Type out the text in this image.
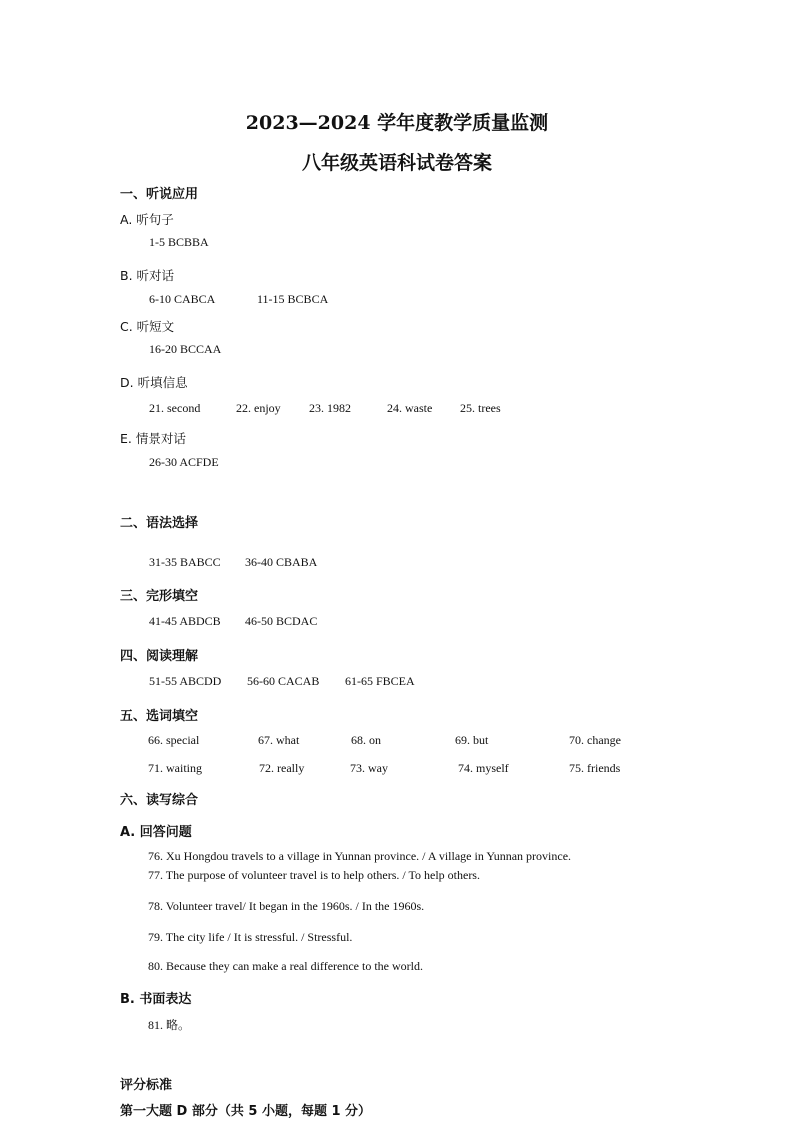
2023—2024 学年度教学质量监测
八年级英语科试卷答案
一、听说应用
A. 听句子
1-5 BCBBA
B. 听对话
6-10 CABCA	11-15 BCBCA
C. 听短文
16-20 BCCAA
D. 听填信息
21. second	22. enjoy 23. 1982	24. waste 25. trees
E. 情景对话
26-30 ACFDE
二、语法选择
31-35 BABCC 36-40 CBABA
三、完形填空
41-45 ABDCB 46-50 BCDAC
四、阅读理解
51-55 ABCDD 56-60 CACAB 61-65 FBCEA
五、选词填空
66. special	67. what	68. on	69. but	70. change
71. waiting	72. really	73. way	74. myself	75. friends
六、读写综合
A. 回答问题
76. Xu Hongdou travels to a village in Yunnan province. / A village in Yunnan province.
77. The purpose of volunteer travel is to help others. / To help others.
78. Volunteer travel/ It began in the 1960s. / In the 1960s.
79. The city life / It is stressful. / Stressful.
80. Because they can make a real difference to the world.
B. 书面表达
81. 略。
评分标准
第一大题 D 部分（共 5 小题，每题 1 分）
